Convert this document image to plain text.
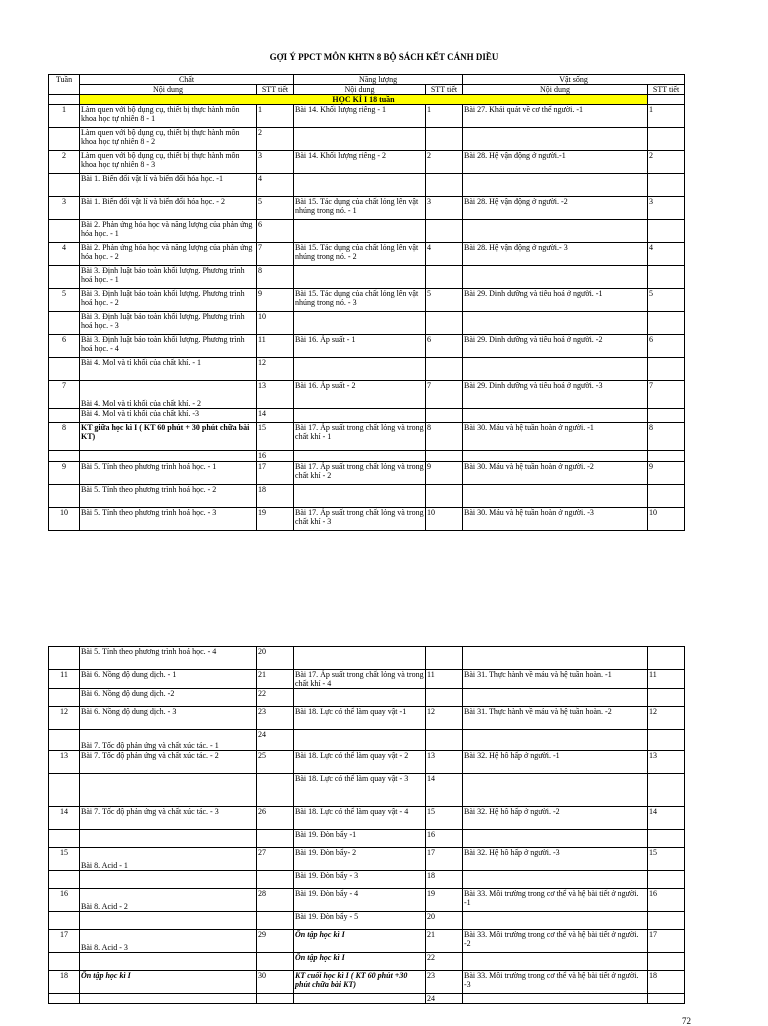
GỢI Ý PPCT MÔN KHTN 8 BỘ SÁCH KẾT CÁNH DIỀU
Tuần	Chất		Năng lượng		Vật sống	
	Nội dung	STT tiết	Nội dung	STT tiết	Nội dung	STT tiết
	HỌC KÌ I 18 tuần					
1	Làm quen với bộ dụng cụ, thiết bị thực hành môn khoa học tự nhiên 8 - 1	1	Bài 14. Khối lượng riêng - 1	1	Bài 27. Khái quát về cơ thể người. -1	1
	Làm quen với bộ dụng cụ, thiết bị thực hành môn khoa học tự nhiên 8 - 2	2				
2	Làm quen với bộ dụng cụ, thiết bị thực hành môn khoa học tự nhiên 8 - 3	3	Bài 14. Khối lượng riêng - 2	2	Bài 28. Hệ vận động ở người.-1	2
	Bài 1. Biến đổi vật lí và biến đổi hóa học. -1	4				
3	Bài 1. Biến đổi vật lí và biến đổi hóa học. - 2	5	Bài 15. Tác dụng của chất lỏng lên vật nhúng trong nó. - 1	3	Bài 28. Hệ vận động ở người. -2	3
	Bài 2. Phản ứng hóa học và năng lượng của phản ứng hóa học. - 1	6				
4	Bài 2. Phản ứng hóa học và năng lượng của phản ứng hóa học. - 2	7	Bài 15. Tác dụng của chất lỏng lên vật nhúng trong nó. - 2	4	Bài 28. Hệ vận động ở người.- 3	4
	Bài 3. Định luật bảo toàn khối lượng. Phương trình hoá học. - 1	8				
5	Bài 3. Định luật bảo toàn khối lượng. Phương trình hoá học. - 2	9	Bài 15. Tác dụng của chất lỏng lên vật nhúng trong nó. - 3	5	Bài 29. Dinh dưỡng và tiêu hoá ở người. -1	5
	Bài 3. Định luật bảo toàn khối lượng. Phương trình hoá học. - 3	10				
6	Bài 3. Định luật bảo toàn khối lượng. Phương trình hoá học. - 4	11	Bài 16. Áp suất - 1	6	Bài 29. Dinh dưỡng và tiêu hoá ở người. -2	6
	Bài 4. Mol và tỉ khối của chất khí. - 1	12				
7	Bài 4. Mol và tỉ khối của chất khí. - 2	13	Bài 16. Áp suất - 2	7	Bài 29. Dinh dưỡng và tiêu hoá ở người. -3	7
	Bài 4. Mol và tỉ khối của chất khí. -3	14				
8	KT giữa học kì I ( KT 60 phút + 30 phút chữa bài KT)	15	Bài 17. Áp suất trong chất lỏng và trong chất khí - 1	8	Bài 30. Máu và hệ tuần hoàn ở người. -1	8
		16				
9	Bài 5. Tính theo phương trình hoá học. - 1	17	Bài 17. Áp suất trong chất lỏng và trong chất khí - 2	9	Bài 30. Máu và hệ tuần hoàn ở người. -2	9
	Bài 5. Tính theo phương trình hoá học. - 2	18				
10	Bài 5. Tính theo phương trình hoá học. - 3	19	Bài 17. Áp suất trong chất lỏng và trong chất khí - 3	10	Bài 30. Máu và hệ tuần hoàn ở người. -3	10
	Bài 5. Tính theo phương trình hoá học. - 4	20				
11	Bài 6. Nồng độ dung dịch. - 1	21	Bài 17. Áp suất trong chất lỏng và trong chất khí - 4	11	Bài 31. Thực hành về máu và hệ tuần hoàn. -1	11
	Bài 6. Nồng độ dung dịch. -2	22				
12	Bài 6. Nồng độ dung dịch. - 3	23	Bài 18. Lực có thể làm quay vật -1	12	Bài 31. Thực hành về máu và hệ tuần hoàn. -2	12
	Bài 7. Tốc độ phản ứng và chất xúc tác. - 1	24				
13	Bài 7. Tốc độ phản ứng và chất xúc tác. - 2	25	Bài 18. Lực có thể làm quay vật - 2	13	Bài 32. Hệ hô hấp ở người. -1	13
			Bài 18. Lực có thể làm quay vật - 3	14		
14	Bài 7. Tốc độ phản ứng và chất xúc tác. - 3	26	Bài 18. Lực có thể làm quay vật - 4	15	Bài 32. Hệ hô hấp ở người. -2	14
			Bài 19. Đòn bẩy -1	16		
15	Bài 8. Acid - 1	27	Bài 19. Đòn bẩy- 2	17	Bài 32. Hệ hô hấp ở người. -3	15
			Bài 19. Đòn bẩy - 3	18		
16	Bài 8. Acid - 2	28	Bài 19. Đòn bẩy - 4	19	Bài 33. Môi trường trong cơ thể và hệ bài tiết ở người. -1	16
			Bài 19. Đòn bẩy - 5	20		
17	Bài 8. Acid - 3	29	Ôn tập học kì I	21	Bài 33. Môi trường trong cơ thể và hệ bài tiết ở người. -2	17
			Ôn tập học kì I	22		
18	Ôn tập học kì I	30	KT cuối học kì I ( KT 60 phút +30 phút chữa bài KT)	23	Bài 33. Môi trường trong cơ thể và hệ bài tiết ở người. -3	18
				24		
72
